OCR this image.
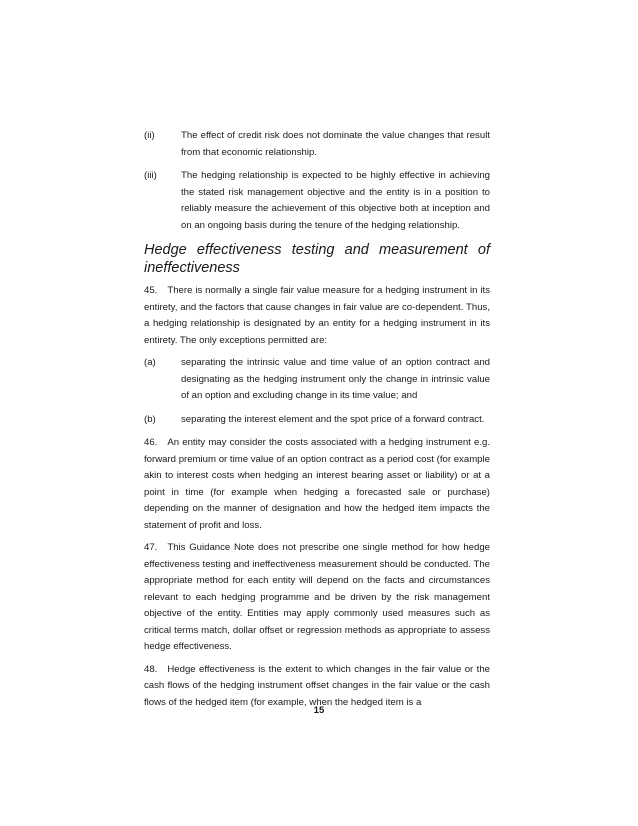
(ii)	The effect of credit risk does not dominate the value changes that result from that economic relationship.
(iii)	The hedging relationship is expected to be highly effective in achieving the stated risk management objective and the entity is in a position to reliably measure the achievement of this objective both at inception and on an ongoing basis during the tenure of the hedging relationship.
Hedge effectiveness testing and measurement of ineffectiveness

45. There is normally a single fair value measure for a hedging instrument in its entirety, and the factors that cause changes in fair value are co-dependent. Thus, a hedging relationship is designated by an entity for a hedging instrument in its entirety. The only exceptions permitted are:

(a)	separating the intrinsic value and time value of an option contract and designating as the hedging instrument only the change in intrinsic value of an option and excluding change in its time value; and
(b)	separating the interest element and the spot price of a forward contract.

46. An entity may consider the costs associated with a hedging instrument e.g. forward premium or time value of an option contract as a period cost (for example akin to interest costs when hedging an interest bearing asset or liability) or at a point in time (for example when hedging a forecasted sale or purchase) depending on the manner of designation and how the hedged item impacts the statement of profit and loss.

47. This Guidance Note does not prescribe one single method for how hedge effectiveness testing and ineffectiveness measurement should be conducted. The appropriate method for each entity will depend on the facts and circumstances relevant to each hedging programme and be driven by the risk management objective of the entity. Entities may apply commonly used measures such as critical terms match, dollar offset or regression methods as appropriate to assess hedge effectiveness.

48. Hedge effectiveness is the extent to which changes in the fair value or the cash flows of the hedging instrument offset changes in the fair value or the cash flows of the hedged item (for example, when the hedged item is a

15
